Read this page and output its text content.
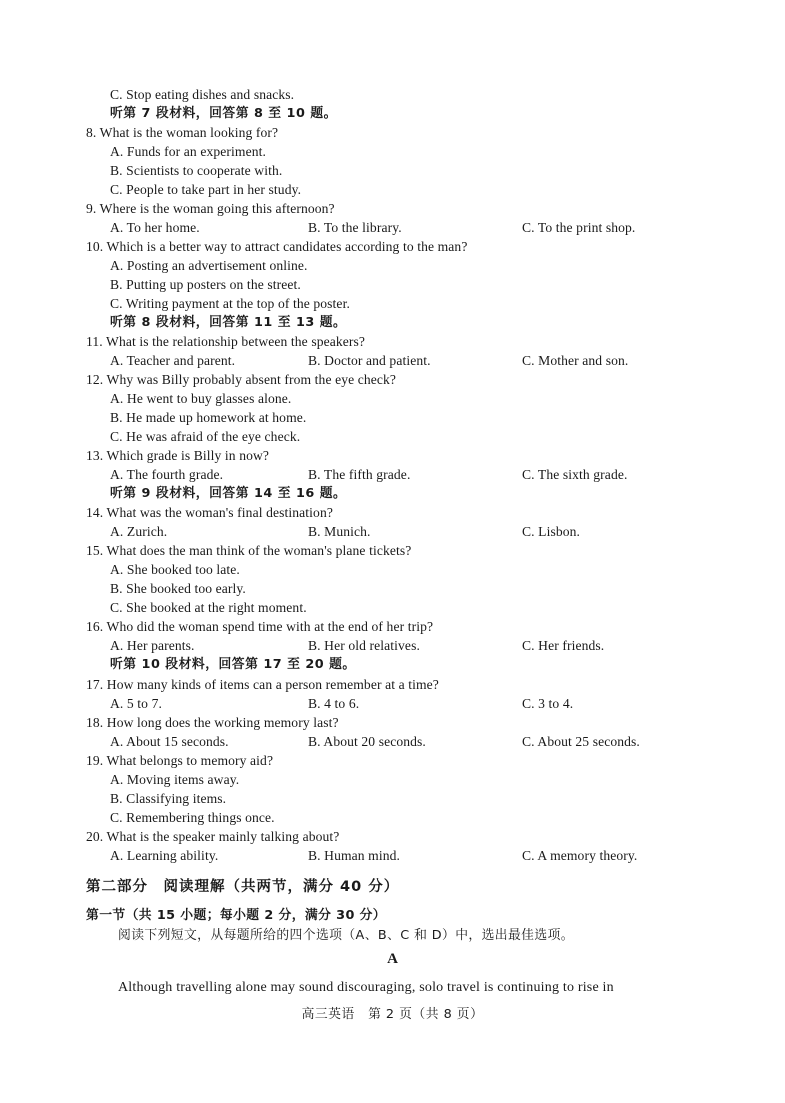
C. Stop eating dishes and snacks.
听第 7 段材料，回答第 8 至 10 题。
8. What is the woman looking for?
A. Funds for an experiment.
B. Scientists to cooperate with.
C. People to take part in her study.
9. Where is the woman going this afternoon?
A. To her home.	B. To the library.	C. To the print shop.
10. Which is a better way to attract candidates according to the man?
A. Posting an advertisement online.
B. Putting up posters on the street.
C. Writing payment at the top of the poster.
听第 8 段材料，回答第 11 至 13 题。
11. What is the relationship between the speakers?
A. Teacher and parent.	B. Doctor and patient.	C. Mother and son.
12. Why was Billy probably absent from the eye check?
A. He went to buy glasses alone.
B. He made up homework at home.
C. He was afraid of the eye check.
13. Which grade is Billy in now?
A. The fourth grade.	B. The fifth grade.	C. The sixth grade.
听第 9 段材料，回答第 14 至 16 题。
14. What was the woman's final destination?
A. Zurich.	B. Munich.	C. Lisbon.
15. What does the man think of the woman's plane tickets?
A. She booked too late.
B. She booked too early.
C. She booked at the right moment.
16. Who did the woman spend time with at the end of her trip?
A. Her parents.	B. Her old relatives.	C. Her friends.
听第 10 段材料，回答第 17 至 20 题。
17. How many kinds of items can a person remember at a time?
A. 5 to 7.	B. 4 to 6.	C. 3 to 4.
18. How long does the working memory last?
A. About 15 seconds.	B. About 20 seconds.	C. About 25 seconds.
19. What belongs to memory aid?
A. Moving items away.
B. Classifying items.
C. Remembering things once.
20. What is the speaker mainly talking about?
A. Learning ability.	B. Human mind.	C. A memory theory.
第二部分　阅读理解（共两节，满分 40 分）
第一节（共 15 小题；每小题 2 分，满分 30 分）
阅读下列短文，从每题所给的四个选项（A、B、C 和 D）中，选出最佳选项。
A
Although travelling alone may sound discouraging, solo travel is continuing to rise in
高三英语　第 2 页（共 8 页）
